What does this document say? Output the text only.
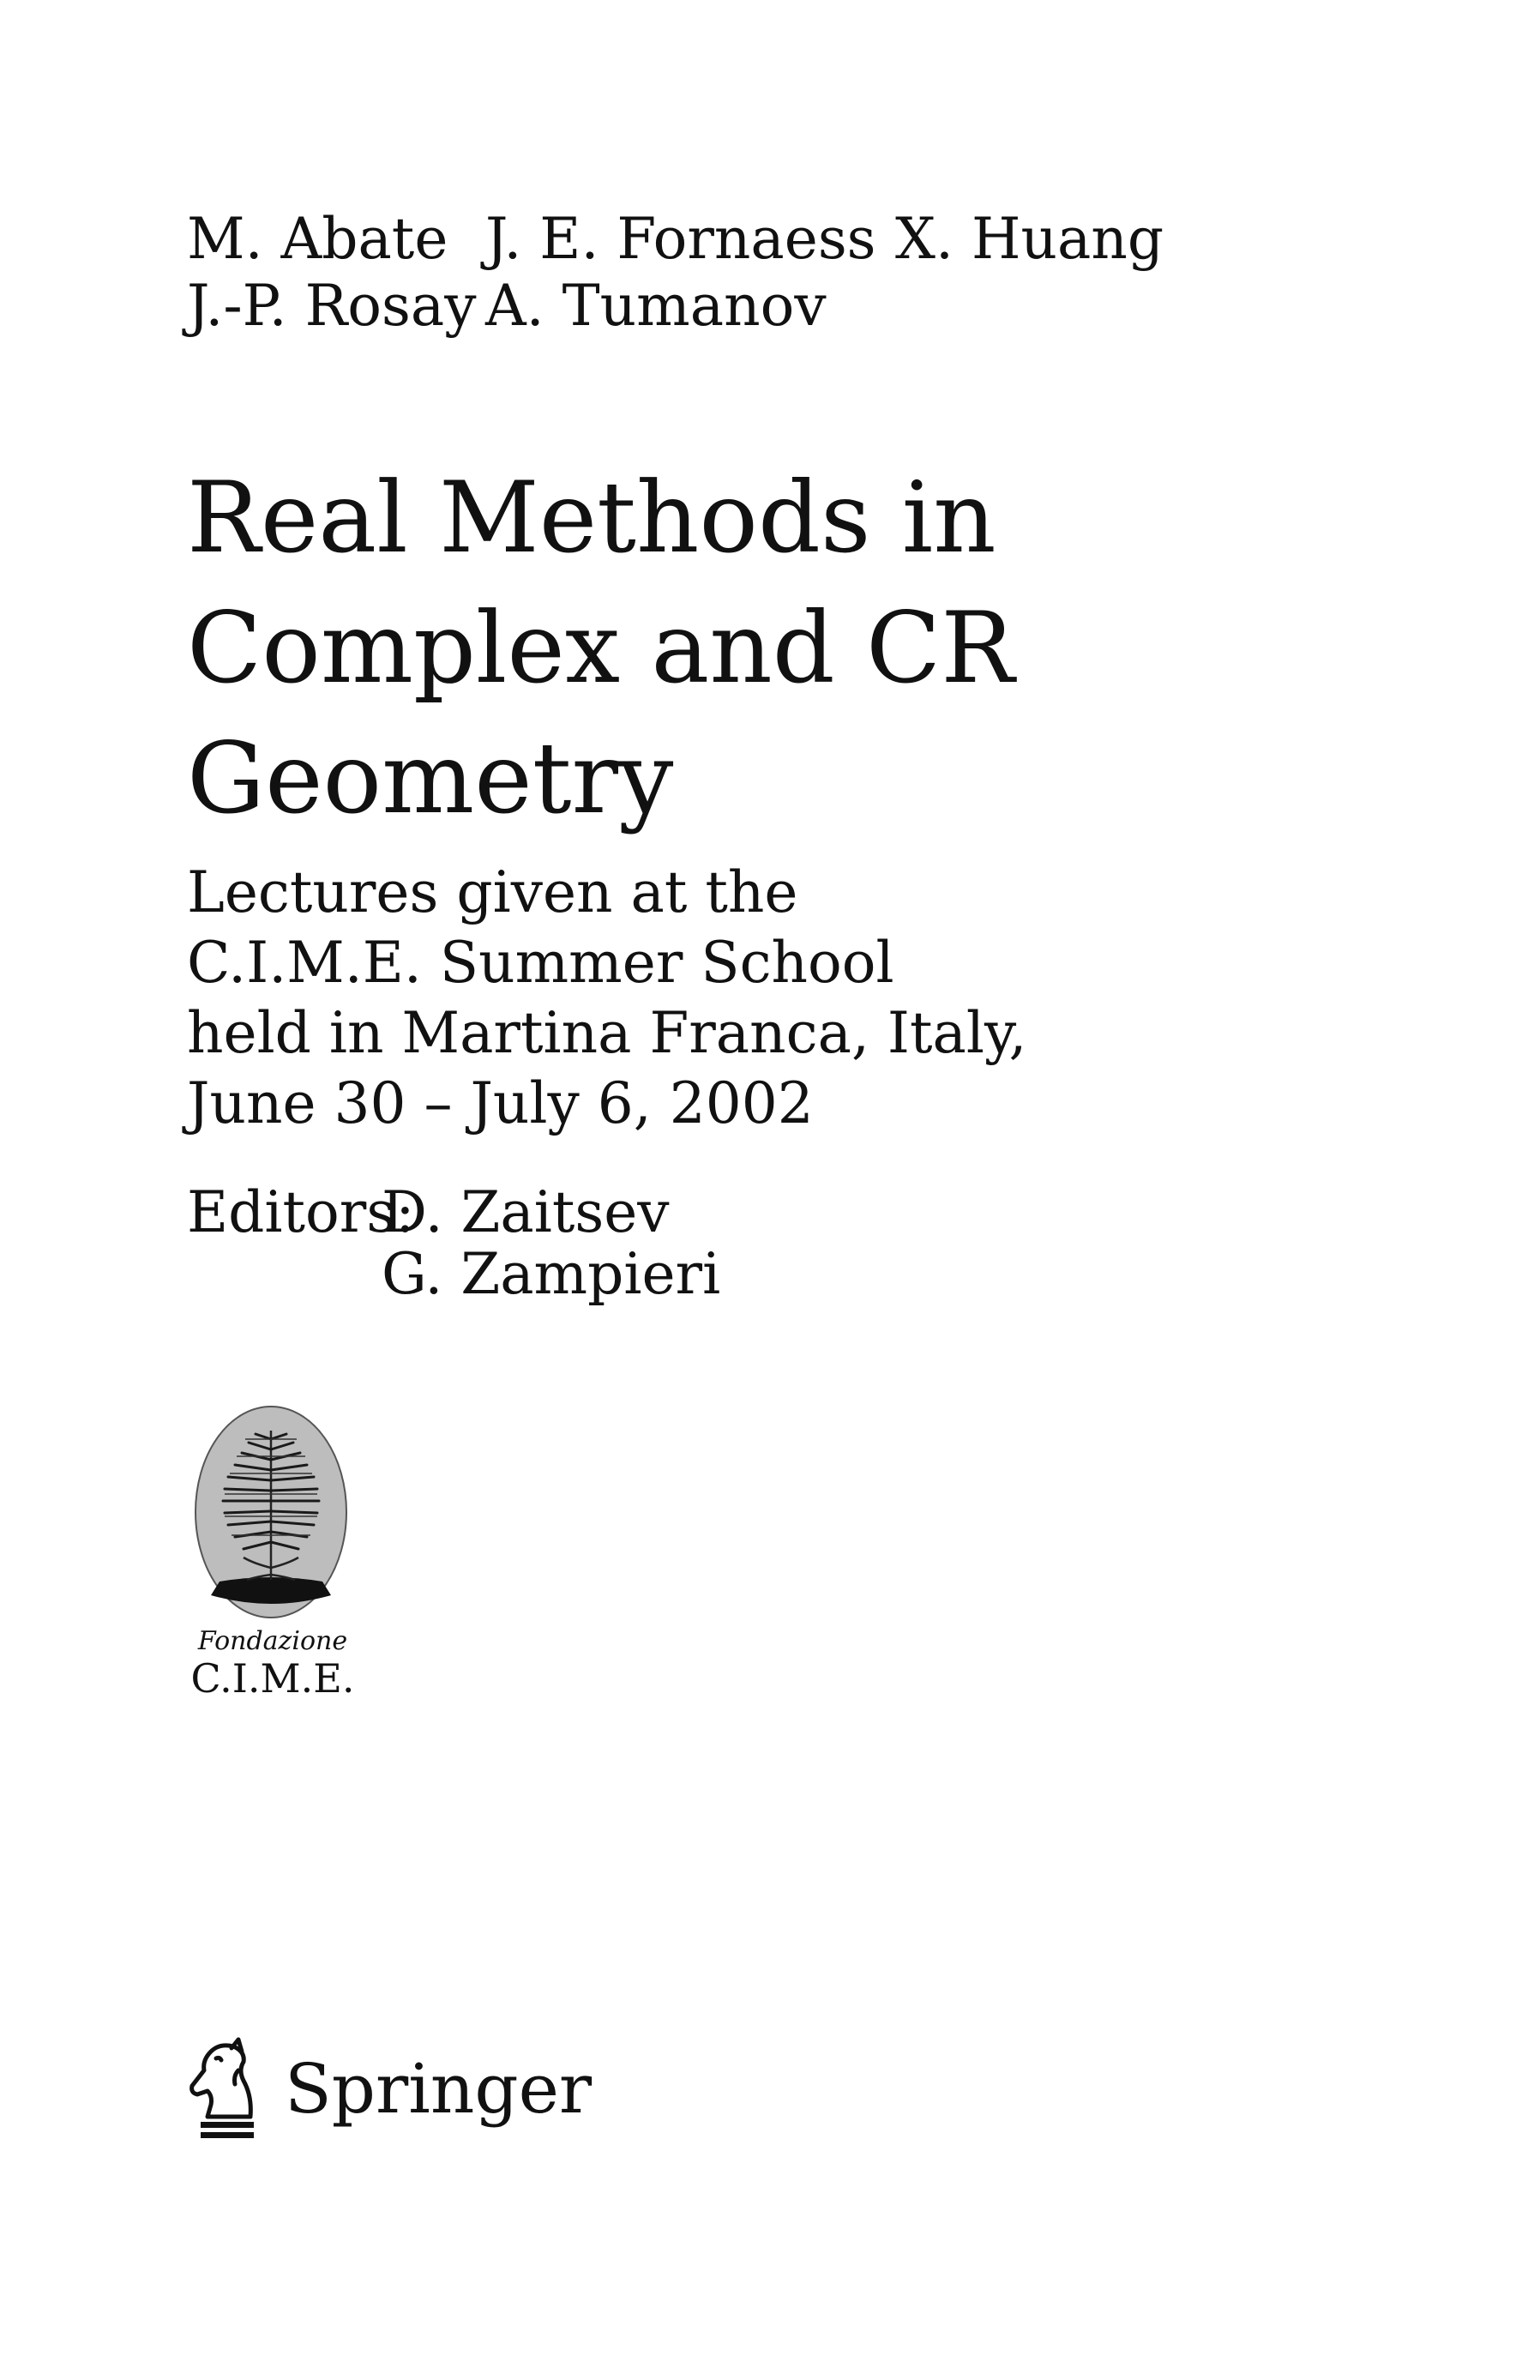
M. Abate J. E. Fornaess X. Huang
J.-P. Rosay A. Tumanov
Real Methods in
Complex and CR
Geometry
Lectures given at the
C.I.M.E. Summer School
held in Martina Franca, Italy,
June 30 – July 6, 2002
Editors:D. Zaitsev
G. Zampieri
Fondazione
C.I.M.E.
Springer
